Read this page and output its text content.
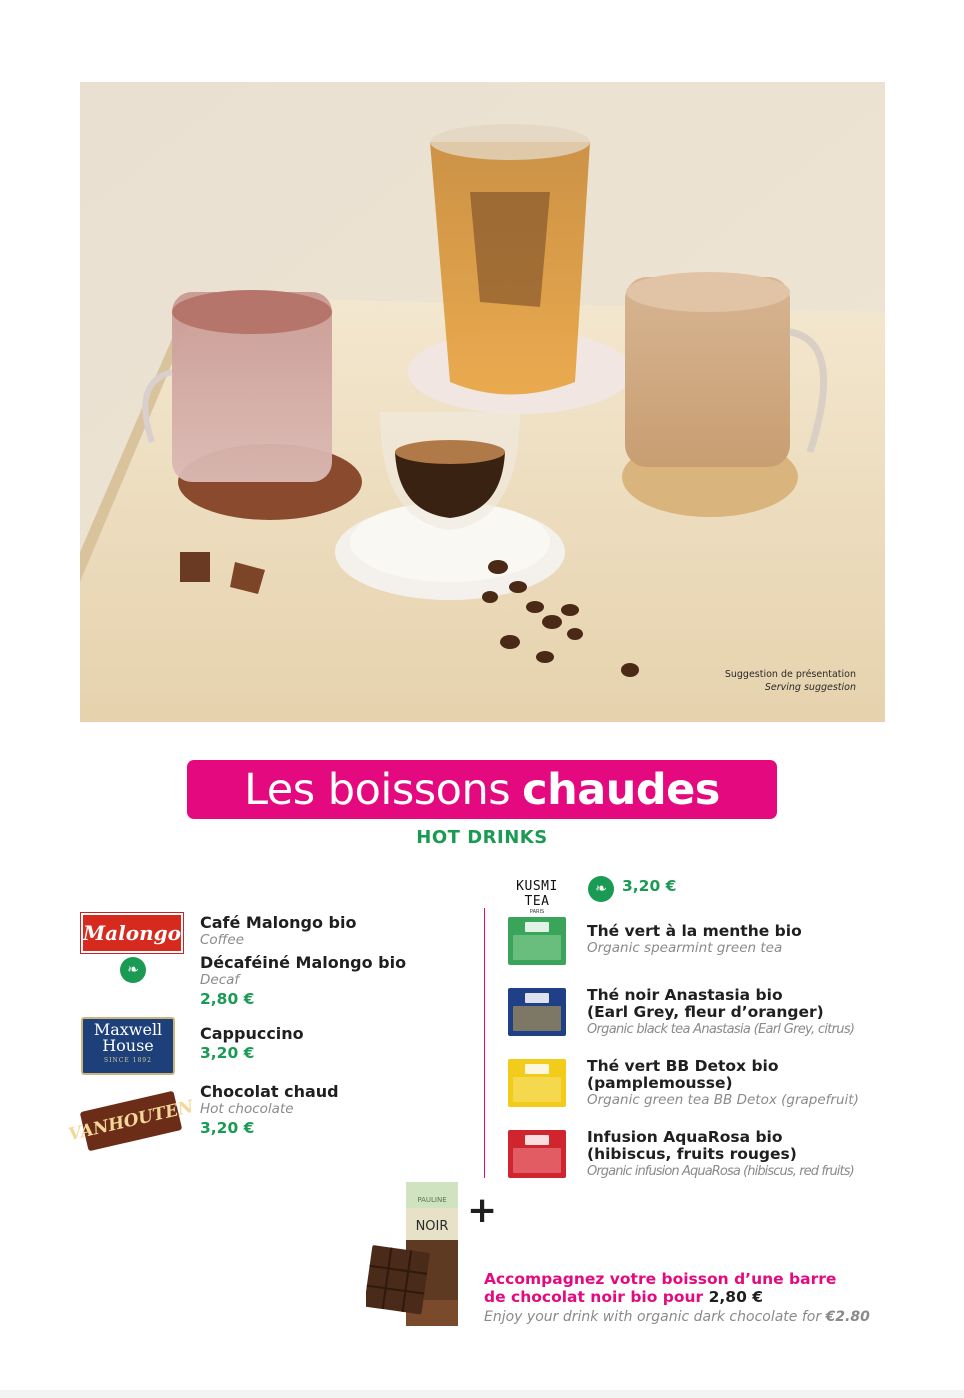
Suggestion de présentation
Serving suggestion
Les boissons chaudes
HOT DRINKS
Malongo
❧
Maxwell
House
SINCE 1892
VANHOUTEN
Café Malongo bio
Coffee
Décaféiné Malongo bio
Decaf
2,80 €
Cappuccino
3,20 €
Chocolat chaud
Hot chocolate
3,20 €
KUSMI TEA
PARIS
❧ 3,20 €
Thé vert à la menthe bio
Organic spearmint green tea
Thé noir Anastasia bio
(Earl Grey, fleur d’oranger)
Organic black tea Anastasia (Earl Grey, citrus)
Thé vert BB Detox bio
(pamplemousse)
Organic green tea BB Detox (grapefruit)
Infusion AquaRosa bio
(hibiscus, fruits rouges)
Organic infusion AquaRosa (hibiscus, red fruits)
PAULINE
NOIR +
Accompagnez votre boisson d’une barre
de chocolat noir bio pour 2,80 €
Enjoy your drink with organic dark chocolate for €2.80
